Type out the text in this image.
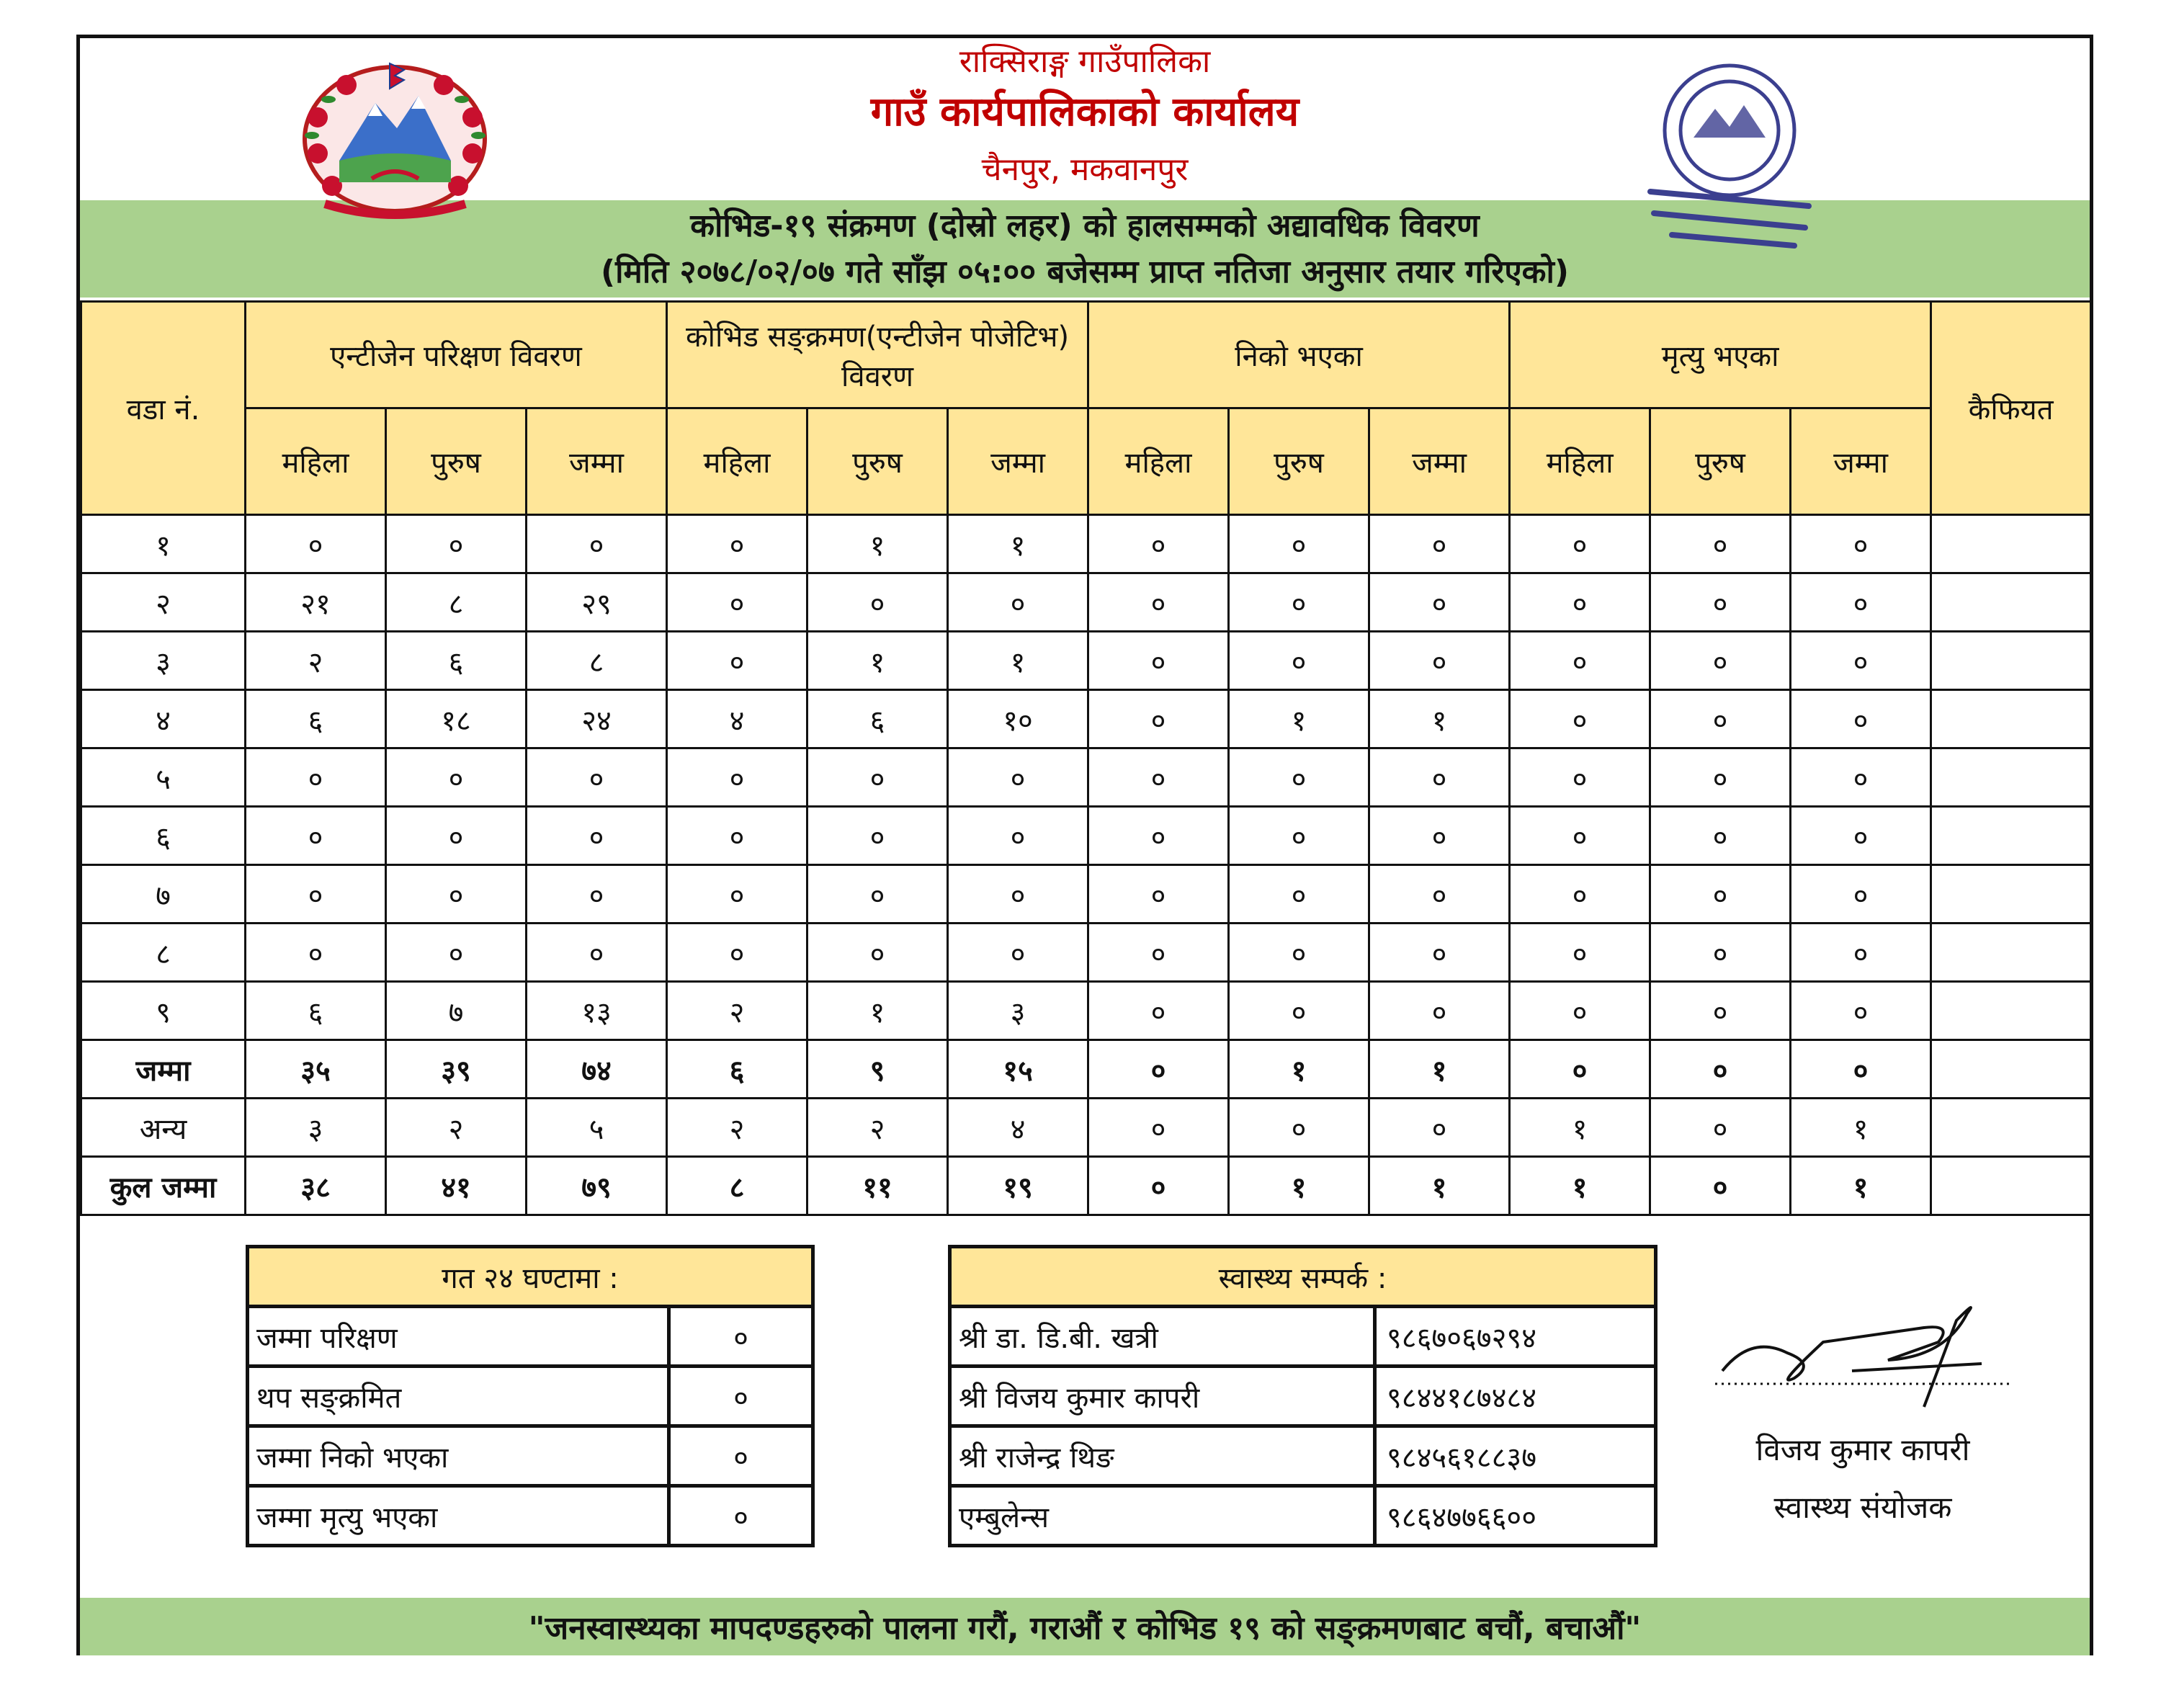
राक्सिराङ्ग गाउँपालिका
गाउँ कार्यपालिकाको कार्यालय
चैनपुर, मकवानपुर
कोभिड-१९ संक्रमण (दोस्रो लहर) को हालसम्मको अद्यावधिक विवरण
(मिति २०७८/०२/०७ गते साँझ ०५:०० बजेसम्म प्राप्त नतिजा अनुसार तयार गरिएको)
वडा नं.	एन्टीजेन परिक्षण विवरण			कोभिड सङ्क्रमण(एन्टीजेन पोजेटिभ) विवरण			निको भएका			मृत्यु भएका			कैफियत
	महिला	पुरुष	जम्मा	महिला	पुरुष	जम्मा	महिला	पुरुष	जम्मा	महिला	पुरुष	जम्मा	
१	०	०	०	०	१	१	०	०	०	०	०	०	
२	२१	८	२९	०	०	०	०	०	०	०	०	०	
३	२	६	८	०	१	१	०	०	०	०	०	०	
४	६	१८	२४	४	६	१०	०	१	१	०	०	०	
५	०	०	०	०	०	०	०	०	०	०	०	०	
६	०	०	०	०	०	०	०	०	०	०	०	०	
७	०	०	०	०	०	०	०	०	०	०	०	०	
८	०	०	०	०	०	०	०	०	०	०	०	०	
९	६	७	१३	२	१	३	०	०	०	०	०	०	
जम्मा	३५	३९	७४	६	९	१५	०	१	१	०	०	०	
अन्य	३	२	५	२	२	४	०	०	०	१	०	१	
कुल जम्मा	३८	४१	७९	८	११	१९	०	१	१	१	०	१	
गत २४ घण्टामा :	
जम्मा परिक्षण	०
थप सङ्क्रमित	०
जम्मा निको भएका	०
जम्मा मृत्यु भएका	०
स्वास्थ्य सम्पर्क :	
श्री डा. डि.बी. खत्री	९८६७०६७२९४
श्री विजय कुमार कापरी	९८४४१८७४८४
श्री राजेन्द्र थिङ	९८४५६१८८३७
एम्बुलेन्स	९८६४७७६६००
विजय कुमार कापरी
स्वास्थ्य संयोजक
"जनस्वास्थ्यका मापदण्डहरुको पालना गरौं, गराऔं र कोभिड १९ को सङ्क्रमणबाट बचौं, बचाऔं"
